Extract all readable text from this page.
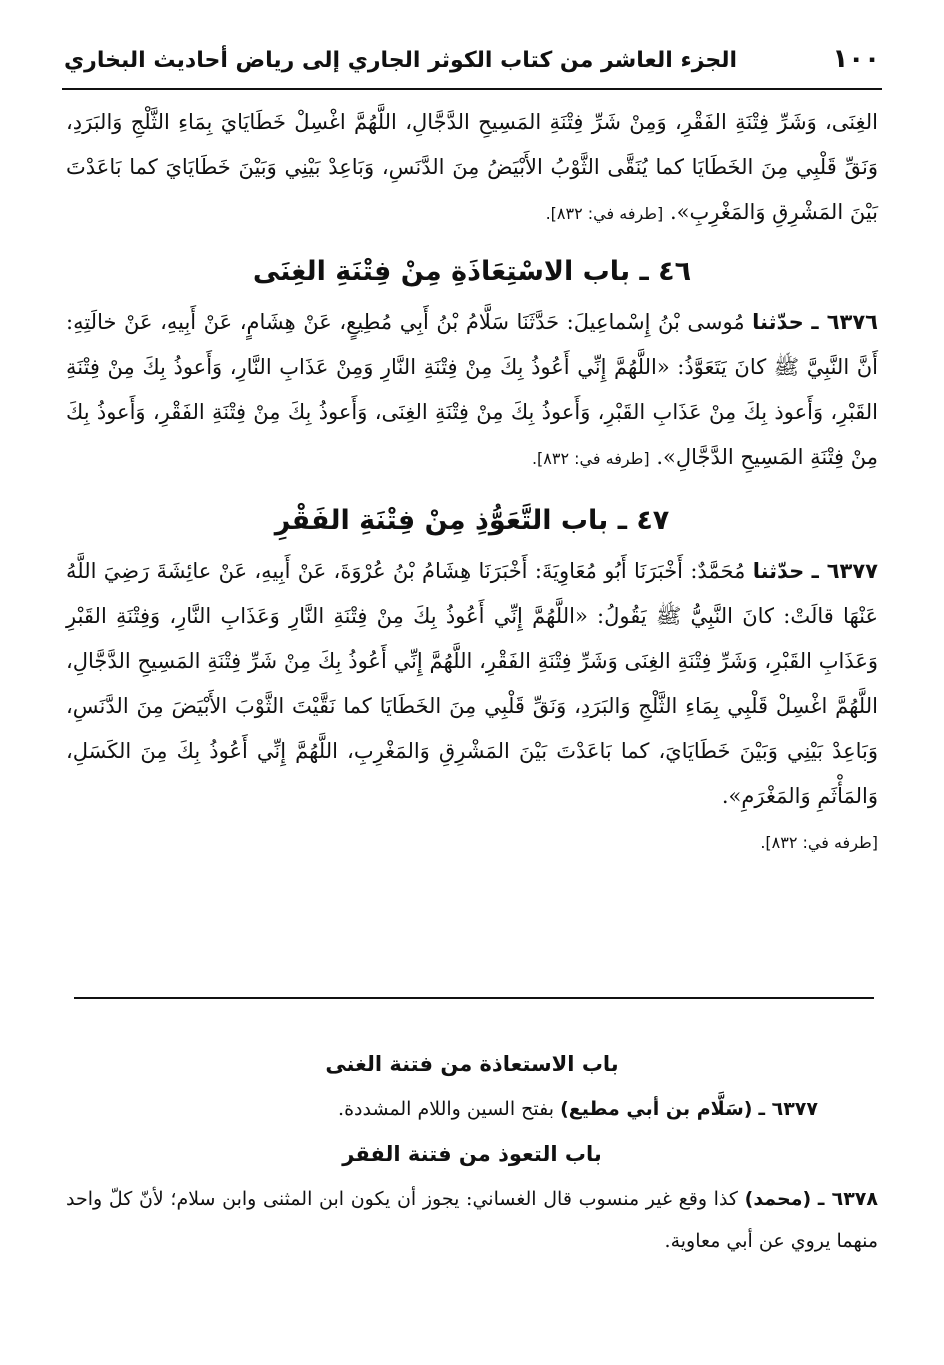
١٠٠
الجزء العاشر من كتاب الكوثر الجاري إلى رياض أحاديث البخاري

الغِنَى، وَشَرِّ فِتْنَةِ الفَقْرِ، وَمِنْ شَرِّ فِتْنَةِ المَسِيحِ الدَّجَّالِ، اللَّهُمَّ اغْسِلْ خَطَايَايَ بِمَاءِ الثَّلْجِ وَالبَرَدِ، وَنَقِّ قَلْبِي مِنَ الخَطَايَا كما يُنَقَّى الثَّوْبُ الأَبْيَضُ مِنَ الدَّنَسِ، وَبَاعِدْ بَيْنِي وَبَيْنَ خَطَايَايَ كما بَاعَدْتَ بَيْنَ المَشْرِقِ وَالمَغْرِبِ». [طرفه في: ٨٣٢].

٤٦ ـ باب الاسْتِعَاذَةِ مِنْ فِتْنَةِ الغِنَى

٦٣٧٦ ـ حدّثنا مُوسى بْنُ إِسْماعِيلَ: حَدَّثَنَا سَلَّامُ بْنُ أَبِي مُطِيعٍ، عَنْ هِشَامٍ، عَنْ أَبِيهِ، عَنْ خالَتِهِ: أَنَّ النَّبِيَّ ﷺ كانَ يَتَعَوَّذُ: «اللَّهُمَّ إِنِّي أَعُوذُ بِكَ مِنْ فِتْنَةِ النَّارِ وَمِنْ عَذَابِ النَّارِ، وَأَعوذُ بِكَ مِنْ فِتْنَةِ القَبْرِ، وَأَعوذ بِكَ مِنْ عَذَابِ القَبْرِ، وَأَعوذُ بِكَ مِنْ فِتْنَةِ الغِنَى، وَأَعوذُ بِكَ مِنْ فِتْنَةِ الفَقْرِ، وَأَعوذُ بِكَ مِنْ فِتْنَةِ المَسِيحِ الدَّجَّالِ». [طرفه في: ٨٣٢].

٤٧ ـ باب التَّعَوُّذِ مِنْ فِتْنَةِ الفَقْرِ

٦٣٧٧ ـ حدّثنا مُحَمَّدٌ: أَخْبَرَنَا أَبُو مُعَاوِيَةَ: أَخْبَرَنَا هِشَامُ بْنُ عُرْوَةَ، عَنْ أَبِيهِ، عَنْ عائِشَةَ رَضِيَ اللَّهُ عَنْهَا قالَتْ: كانَ النَّبِيُّ ﷺ يَقُولُ: «اللَّهُمَّ إِنِّي أَعُوذُ بِكَ مِنْ فِتْنَةِ النَّارِ وَعَذَابِ النَّارِ، وَفِتْنَةِ القَبْرِ وَعَذَابِ القَبْرِ، وَشَرِّ فِتْنَةِ الغِنَى وَشَرِّ فِتْنَةِ الفَقْرِ، اللَّهُمَّ إِنِّي أَعُوذُ بِكَ مِنْ شَرِّ فِتْنَةِ المَسِيحِ الدَّجَّالِ، اللَّهُمَّ اغْسِلْ قَلْبِي بِمَاءِ الثَّلْجِ وَالبَرَدِ، وَنَقِّ قَلْبِي مِنَ الخَطَايَا كما نَقَّيْتَ الثَّوْبَ الأَبْيَضَ مِنَ الدَّنَسِ، وَبَاعِدْ بَيْنِي وَبَيْنَ خَطَايَايَ، كما بَاعَدْتَ بَيْنَ المَشْرِقِ وَالمَغْرِبِ، اللَّهُمَّ إِنِّي أَعُوذُ بِكَ مِنَ الكَسَلِ، وَالمَأْثَمِ وَالمَغْرَمِ».
[طرفه في: ٨٣٢].

باب الاستعاذة من فتنة الغنى

٦٣٧٧ ـ (سَلَّام بن أبي مطيع) بفتح السين واللام المشددة.

باب التعوذ من فتنة الفقر

٦٣٧٨ ـ (محمد) كذا وقع غير منسوب قال الغساني: يجوز أن يكون ابن المثنى وابن سلام؛ لأنّ كلّ واحد منهما يروي عن أبي معاوية.
